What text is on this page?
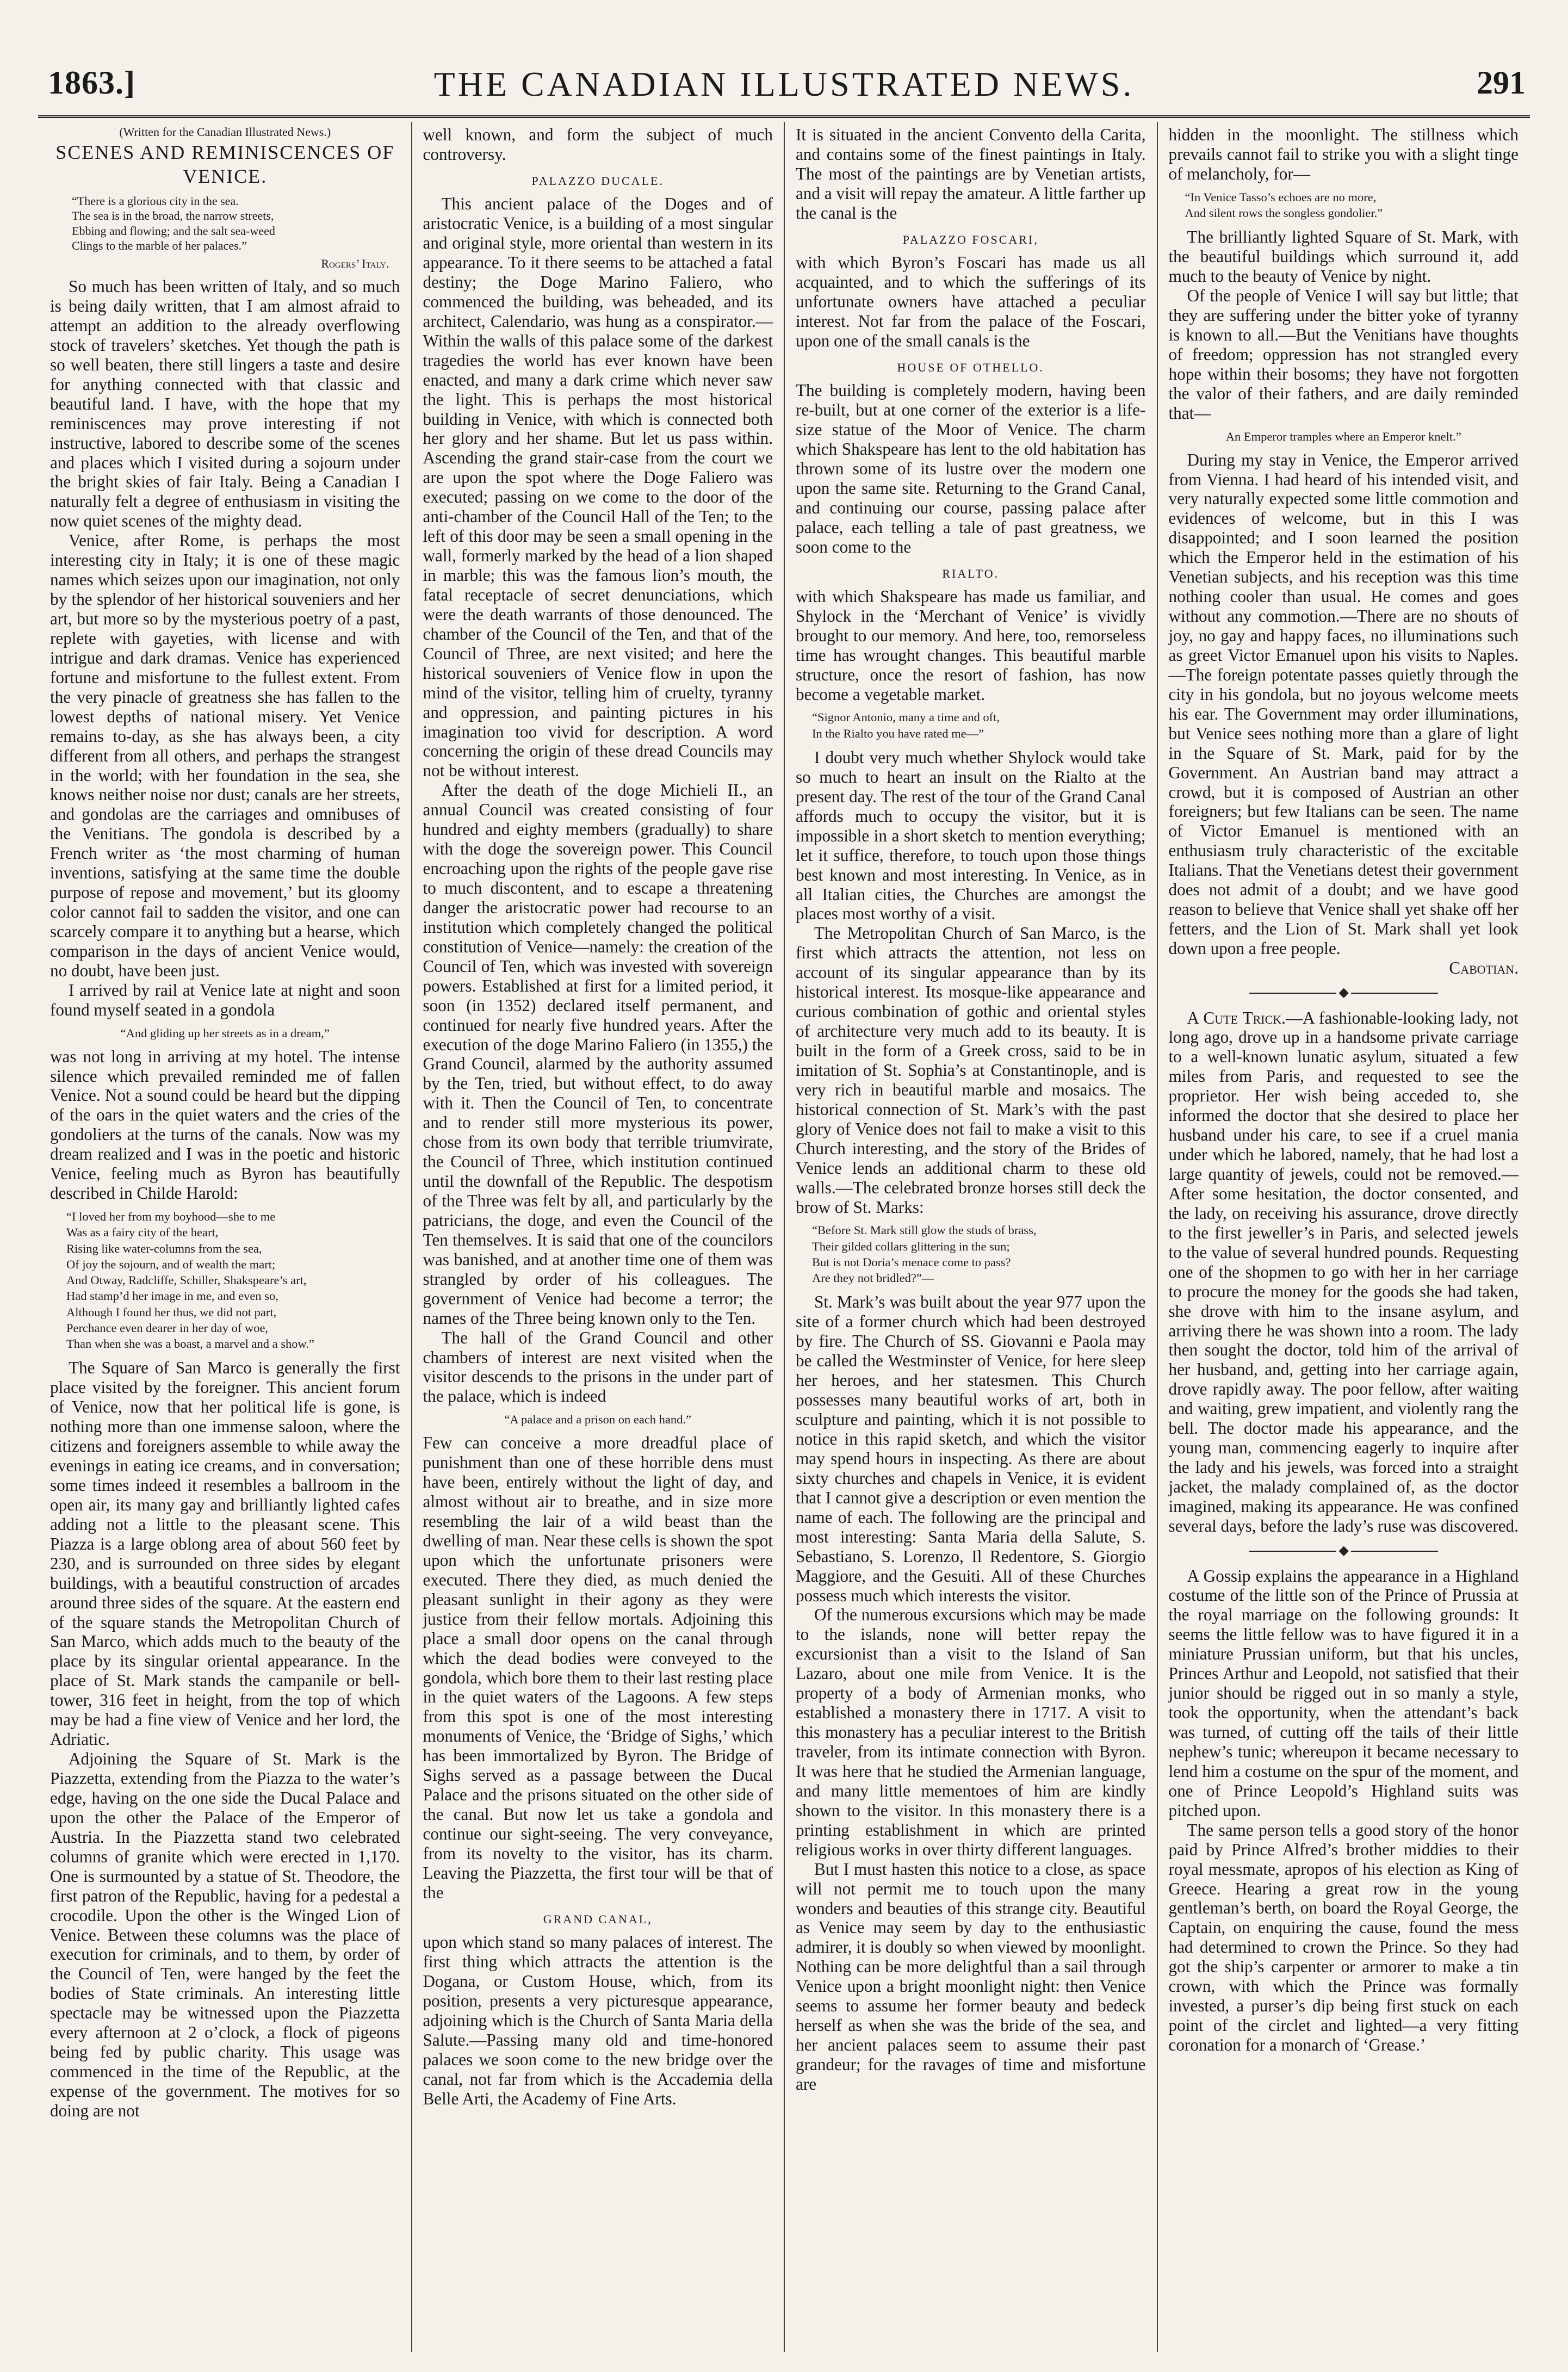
1863.]	THE CANADIAN ILLUSTRATED NEWS.	291

(Written for the Canadian Illustrated News.)

SCENES AND REMINISCENCES OF VENICE.
“There is a glorious city in the sea.
The sea is in the broad, the narrow streets,
Ebbing and flowing; and the salt sea-weed
Clings to the marble of her palaces.”
Rogers’ Italy.

So much has been written of Italy, and so much is being daily written, that I am almost afraid to attempt an addition to the already overflowing stock of travelers’ sketches. Yet though the path is so well beaten, there still lingers a taste and desire for anything connected with that classic and beautiful land. I have, with the hope that my reminiscences may prove interesting if not instructive, labored to describe some of the scenes and places which I visited during a sojourn under the bright skies of fair Italy. Being a Canadian I naturally felt a degree of enthusiasm in visiting the now quiet scenes of the mighty dead.

Venice, after Rome, is perhaps the most interesting city in Italy; it is one of these magic names which seizes upon our imagination, not only by the splendor of her historical souveniers and her art, but more so by the mysterious poetry of a past, replete with gayeties, with license and with intrigue and dark dramas. Venice has experienced fortune and misfortune to the fullest extent. From the very pinacle of greatness she has fallen to the lowest depths of national misery. Yet Venice remains to-day, as she has always been, a city different from all others, and perhaps the strangest in the world; with her foundation in the sea, she knows neither noise nor dust; canals are her streets, and gondolas are the carriages and omnibuses of the Venitians. The gondola is described by a French writer as ‘the most charming of human inventions, satisfying at the same time the double purpose of repose and movement,’ but its gloomy color cannot fail to sadden the visitor, and one can scarcely compare it to anything but a hearse, which comparison in the days of ancient Venice would, no doubt, have been just.

I arrived by rail at Venice late at night and soon found myself seated in a gondola

“And gliding up her streets as in a dream,”

was not long in arriving at my hotel. The intense silence which prevailed reminded me of fallen Venice. Not a sound could be heard but the dipping of the oars in the quiet waters and the cries of the gondoliers at the turns of the canals. Now was my dream realized and I was in the poetic and historic Venice, feeling much as Byron has beautifully described in Childe Harold:

“I loved her from my boyhood—she to me
Was as a fairy city of the heart,
Rising like water-columns from the sea,
Of joy the sojourn, and of wealth the mart;
And Otway, Radcliffe, Schiller, Shakspeare’s art,
Had stamp’d her image in me, and even so,
Although I found her thus, we did not part,
Perchance even dearer in her day of woe,
Than when she was a boast, a marvel and a show.”

The Square of San Marco is generally the first place visited by the foreigner. This ancient forum of Venice, now that her political life is gone, is nothing more than one immense saloon, where the citizens and foreigners assemble to while away the evenings in eating ice creams, and in conversation; some times indeed it resembles a ballroom in the open air, its many gay and brilliantly lighted cafes adding not a little to the pleasant scene. This Piazza is a large oblong area of about 560 feet by 230, and is surrounded on three sides by elegant buildings, with a beautiful construction of arcades around three sides of the square. At the eastern end of the square stands the Metropolitan Church of San Marco, which adds much to the beauty of the place by its singular oriental appearance. In the place of St. Mark stands the campanile or bell-tower, 316 feet in height, from the top of which may be had a fine view of Venice and her lord, the Adriatic.

Adjoining the Square of St. Mark is the Piazzetta, extending from the Piazza to the water’s edge, having on the one side the Ducal Palace and upon the other the Palace of the Emperor of Austria. In the Piazzetta stand two celebrated columns of granite which were erected in 1,170. One is surmounted by a statue of St. Theodore, the first patron of the Republic, having for a pedestal a crocodile. Upon the other is the Winged Lion of Venice. Between these columns was the place of execution for criminals, and to them, by order of the Council of Ten, were hanged by the feet the bodies of State criminals. An interesting little spectacle may be witnessed upon the Piazzetta every afternoon at 2 o’clock, a flock of pigeons being fed by public charity. This usage was commenced in the time of the Republic, at the expense of the government. The motives for so doing are not

well known, and form the subject of much controversy.

PALAZZO DUCALE.

This ancient palace of the Doges and of aristocratic Venice, is a building of a most singular and original style, more oriental than western in its appearance. To it there seems to be attached a fatal destiny; the Doge Marino Faliero, who commenced the building, was beheaded, and its architect, Calendario, was hung as a conspirator.—Within the walls of this palace some of the darkest tragedies the world has ever known have been enacted, and many a dark crime which never saw the light. This is perhaps the most historical building in Venice, with which is connected both her glory and her shame. But let us pass within. Ascending the grand stair-case from the court we are upon the spot where the Doge Faliero was executed; passing on we come to the door of the anti-chamber of the Council Hall of the Ten; to the left of this door may be seen a small opening in the wall, formerly marked by the head of a lion shaped in marble; this was the famous lion’s mouth, the fatal receptacle of secret denunciations, which were the death warrants of those denounced. The chamber of the Council of the Ten, and that of the Council of Three, are next visited; and here the historical souveniers of Venice flow in upon the mind of the visitor, telling him of cruelty, tyranny and oppression, and painting pictures in his imagination too vivid for description. A word concerning the origin of these dread Councils may not be without interest.

After the death of the doge Michieli II., an annual Council was created consisting of four hundred and eighty members (gradually) to share with the doge the sovereign power. This Council encroaching upon the rights of the people gave rise to much discontent, and to escape a threatening danger the aristocratic power had recourse to an institution which completely changed the political constitution of Venice—namely: the creation of the Council of Ten, which was invested with sovereign powers. Established at first for a limited period, it soon (in 1352) declared itself permanent, and continued for nearly five hundred years. After the execution of the doge Marino Faliero (in 1355,) the Grand Council, alarmed by the authority assumed by the Ten, tried, but without effect, to do away with it. Then the Council of Ten, to concentrate and to render still more mysterious its power, chose from its own body that terrible triumvirate, the Council of Three, which institution continued until the downfall of the Republic. The despotism of the Three was felt by all, and particularly by the patricians, the doge, and even the Council of the Ten themselves. It is said that one of the councilors was banished, and at another time one of them was strangled by order of his colleagues. The government of Venice had become a terror; the names of the Three being known only to the Ten.

The hall of the Grand Council and other chambers of interest are next visited when the visitor descends to the prisons in the under part of the palace, which is indeed

“A palace and a prison on each hand.”

Few can conceive a more dreadful place of punishment than one of these horrible dens must have been, entirely without the light of day, and almost without air to breathe, and in size more resembling the lair of a wild beast than the dwelling of man. Near these cells is shown the spot upon which the unfortunate prisoners were executed. There they died, as much denied the pleasant sunlight in their agony as they were justice from their fellow mortals. Adjoining this place a small door opens on the canal through which the dead bodies were conveyed to the gondola, which bore them to their last resting place in the quiet waters of the Lagoons. A few steps from this spot is one of the most interesting monuments of Venice, the ‘Bridge of Sighs,’ which has been immortalized by Byron. The Bridge of Sighs served as a passage between the Ducal Palace and the prisons situated on the other side of the canal. But now let us take a gondola and continue our sight-seeing. The very conveyance, from its novelty to the visitor, has its charm. Leaving the Piazzetta, the first tour will be that of the

GRAND CANAL,

upon which stand so many palaces of interest. The first thing which attracts the attention is the Dogana, or Custom House, which, from its position, presents a very picturesque appearance, adjoining which is the Church of Santa Maria della Salute.—Passing many old and time-honored palaces we soon come to the new bridge over the canal, not far from which is the Accademia della Belle Arti, the Academy of Fine Arts.

It is situated in the ancient Convento della Carita, and contains some of the finest paintings in Italy. The most of the paintings are by Venetian artists, and a visit will repay the amateur. A little farther up the canal is the

PALAZZO FOSCARI,

with which Byron’s Foscari has made us all acquainted, and to which the sufferings of its unfortunate owners have attached a peculiar interest. Not far from the palace of the Foscari, upon one of the small canals is the

HOUSE OF OTHELLO.

The building is completely modern, having been re-built, but at one corner of the exterior is a life-size statue of the Moor of Venice. The charm which Shakspeare has lent to the old habitation has thrown some of its lustre over the modern one upon the same site. Returning to the Grand Canal, and continuing our course, passing palace after palace, each telling a tale of past greatness, we soon come to the

RIALTO.

with which Shakspeare has made us familiar, and Shylock in the ‘Merchant of Venice’ is vividly brought to our memory. And here, too, remorseless time has wrought changes. This beautiful marble structure, once the resort of fashion, has now become a vegetable market.

“Signor Antonio, many a time and oft,
In the Rialto you have rated me—”

I doubt very much whether Shylock would take so much to heart an insult on the Rialto at the present day. The rest of the tour of the Grand Canal affords much to occupy the visitor, but it is impossible in a short sketch to mention everything; let it suffice, therefore, to touch upon those things best known and most interesting. In Venice, as in all Italian cities, the Churches are amongst the places most worthy of a visit.

The Metropolitan Church of San Marco, is the first which attracts the attention, not less on account of its singular appearance than by its historical interest. Its mosque-like appearance and curious combination of gothic and oriental styles of architecture very much add to its beauty. It is built in the form of a Greek cross, said to be in imitation of St. Sophia’s at Constantinople, and is very rich in beautiful marble and mosaics. The historical connection of St. Mark’s with the past glory of Venice does not fail to make a visit to this Church interesting, and the story of the Brides of Venice lends an additional charm to these old walls.—The celebrated bronze horses still deck the brow of St. Marks:

“Before St. Mark still glow the studs of brass,
Their gilded collars glittering in the sun;
But is not Doria’s menace come to pass?
Are they not bridled?”—

St. Mark’s was built about the year 977 upon the site of a former church which had been destroyed by fire. The Church of SS. Giovanni e Paola may be called the Westminster of Venice, for here sleep her heroes, and her statesmen. This Church possesses many beautiful works of art, both in sculpture and painting, which it is not possible to notice in this rapid sketch, and which the visitor may spend hours in inspecting. As there are about sixty churches and chapels in Venice, it is evident that I cannot give a description or even mention the name of each. The following are the principal and most interesting: Santa Maria della Salute, S. Sebastiano, S. Lorenzo, Il Redentore, S. Giorgio Maggiore, and the Gesuiti. All of these Churches possess much which interests the visitor.

Of the numerous excursions which may be made to the islands, none will better repay the excursionist than a visit to the Island of San Lazaro, about one mile from Venice. It is the property of a body of Armenian monks, who established a monastery there in 1717. A visit to this monastery has a peculiar interest to the British traveler, from its intimate connection with Byron. It was here that he studied the Armenian language, and many little mementoes of him are kindly shown to the visitor. In this monastery there is a printing establishment in which are printed religious works in over thirty different languages.

But I must hasten this notice to a close, as space will not permit me to touch upon the many wonders and beauties of this strange city. Beautiful as Venice may seem by day to the enthusiastic admirer, it is doubly so when viewed by moonlight. Nothing can be more delightful than a sail through Venice upon a bright moonlight night: then Venice seems to assume her former beauty and bedeck herself as when she was the bride of the sea, and her ancient palaces seem to assume their past grandeur; for the ravages of time and misfortune are

hidden in the moonlight. The stillness which prevails cannot fail to strike you with a slight tinge of melancholy, for—

“In Venice Tasso’s echoes are no more,
And silent rows the songless gondolier.”

The brilliantly lighted Square of St. Mark, with the beautiful buildings which surround it, add much to the beauty of Venice by night.

Of the people of Venice I will say but little; that they are suffering under the bitter yoke of tyranny is known to all.—But the Venitians have thoughts of freedom; oppression has not strangled every hope within their bosoms; they have not forgotten the valor of their fathers, and are daily reminded that—

An Emperor tramples where an Emperor knelt.”

During my stay in Venice, the Emperor arrived from Vienna. I had heard of his intended visit, and very naturally expected some little commotion and evidences of welcome, but in this I was disappointed; and I soon learned the position which the Emperor held in the estimation of his Venetian subjects, and his reception was this time nothing cooler than usual. He comes and goes without any commotion.—There are no shouts of joy, no gay and happy faces, no illuminations such as greet Victor Emanuel upon his visits to Naples.—The foreign potentate passes quietly through the city in his gondola, but no joyous welcome meets his ear. The Government may order illuminations, but Venice sees nothing more than a glare of light in the Square of St. Mark, paid for by the Government. An Austrian band may attract a crowd, but it is composed of Austrian an other foreigners; but few Italians can be seen. The name of Victor Emanuel is mentioned with an enthusiasm truly characteristic of the excitable Italians. That the Venetians detest their government does not admit of a doubt; and we have good reason to believe that Venice shall yet shake off her fetters, and the Lion of St. Mark shall yet look down upon a free people.

Cabotian.

◆

A Cute Trick.—A fashionable-looking lady, not long ago, drove up in a handsome private carriage to a well-known lunatic asylum, situated a few miles from Paris, and requested to see the proprietor. Her wish being acceded to, she informed the doctor that she desired to place her husband under his care, to see if a cruel mania under which he labored, namely, that he had lost a large quantity of jewels, could not be removed.—After some hesitation, the doctor consented, and the lady, on receiving his assurance, drove directly to the first jeweller’s in Paris, and selected jewels to the value of several hundred pounds. Requesting one of the shopmen to go with her in her carriage to procure the money for the goods she had taken, she drove with him to the insane asylum, and arriving there he was shown into a room. The lady then sought the doctor, told him of the arrival of her husband, and, getting into her carriage again, drove rapidly away. The poor fellow, after waiting and waiting, grew impatient, and violently rang the bell. The doctor made his appearance, and the young man, commencing eagerly to inquire after the lady and his jewels, was forced into a straight jacket, the malady complained of, as the doctor imagined, making its appearance. He was confined several days, before the lady’s ruse was discovered.

◆

A Gossip explains the appearance in a Highland costume of the little son of the Prince of Prussia at the royal marriage on the following grounds: It seems the little fellow was to have figured it in a miniature Prussian uniform, but that his uncles, Princes Arthur and Leopold, not satisfied that their junior should be rigged out in so manly a style, took the opportunity, when the attendant’s back was turned, of cutting off the tails of their little nephew’s tunic; whereupon it became necessary to lend him a costume on the spur of the moment, and one of Prince Leopold’s Highland suits was pitched upon.

The same person tells a good story of the honor paid by Prince Alfred’s brother middies to their royal messmate, apropos of his election as King of Greece. Hearing a great row in the young gentleman’s berth, on board the Royal George, the Captain, on enquiring the cause, found the mess had determined to crown the Prince. So they had got the ship’s carpenter or armorer to make a tin crown, with which the Prince was formally invested, a purser’s dip being first stuck on each point of the circlet and lighted—a very fitting coronation for a monarch of ‘Grease.’
